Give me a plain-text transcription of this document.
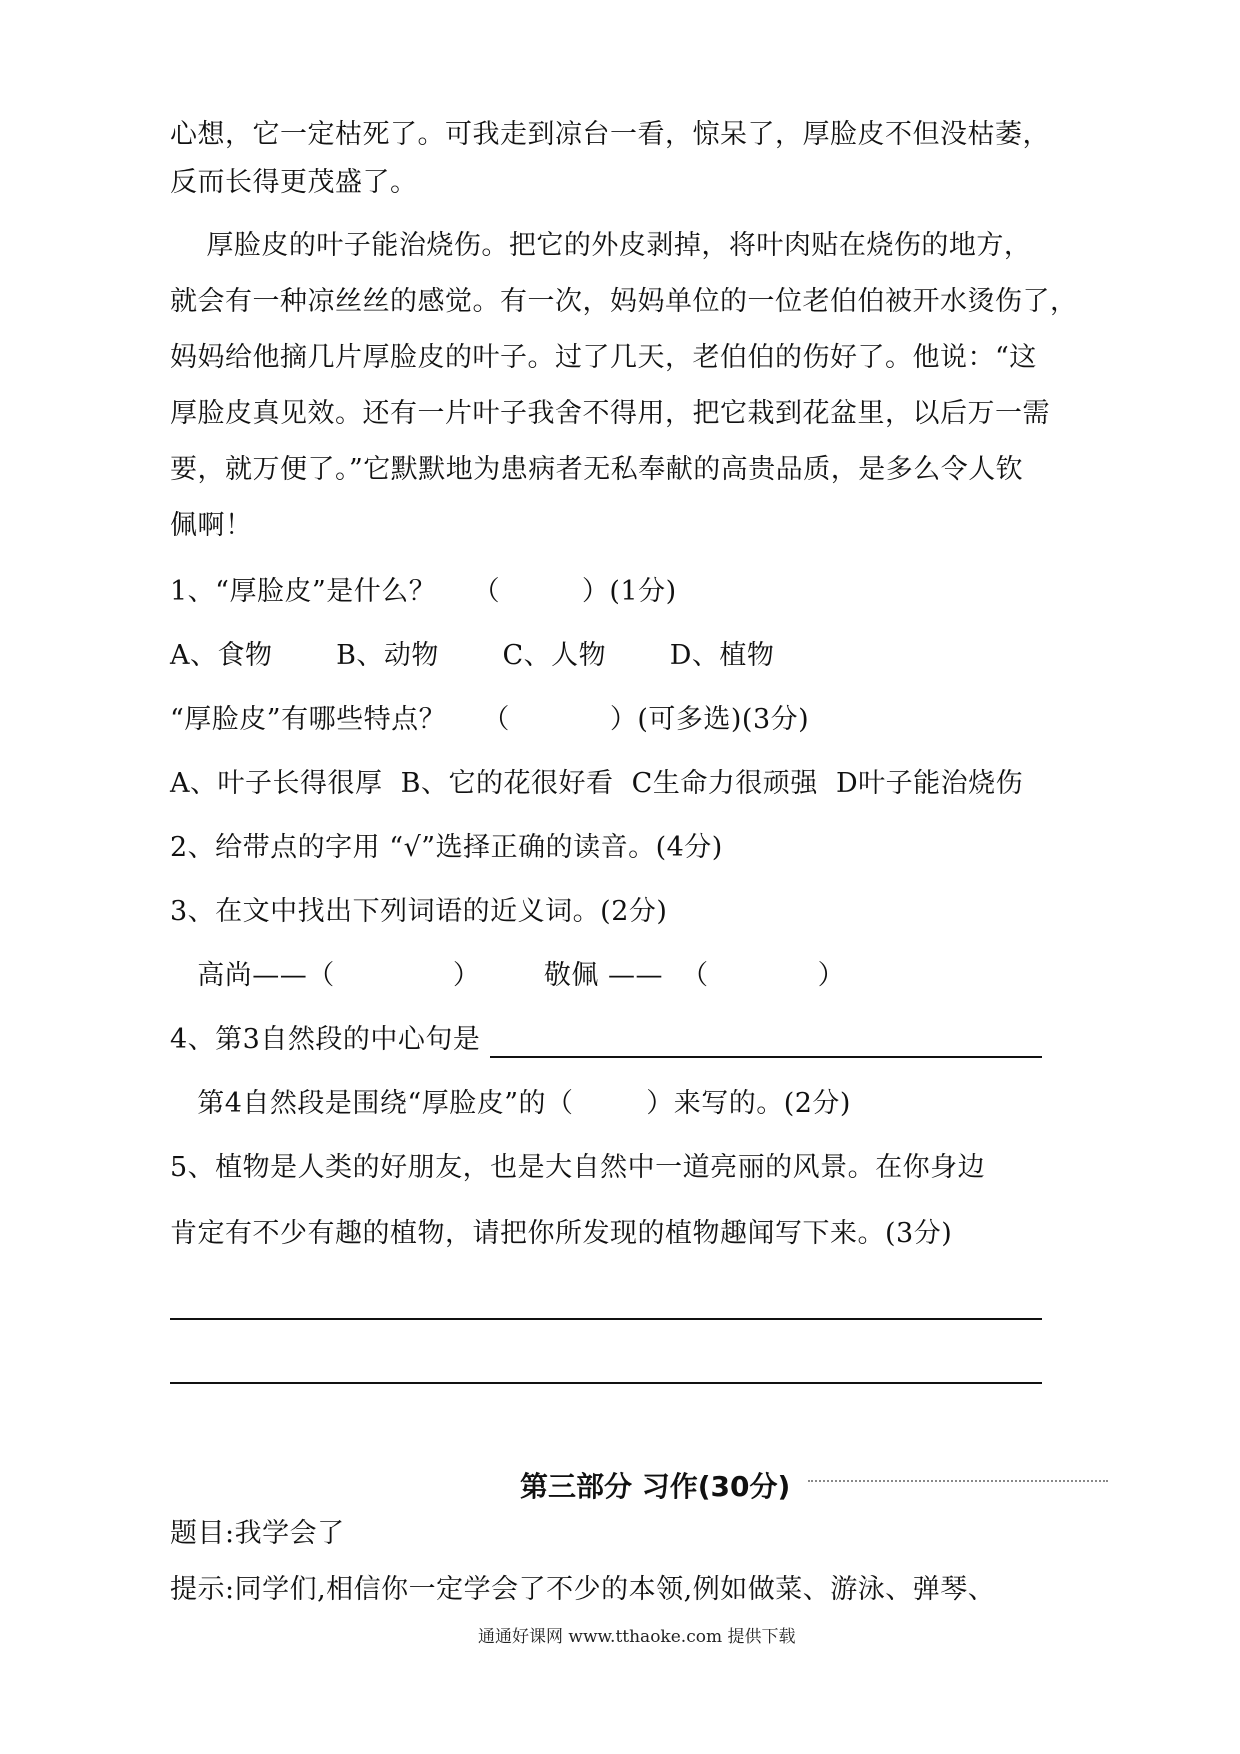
心想，它一定枯死了。可我走到凉台一看，惊呆了，厚脸皮不但没枯萎，
反而长得更茂盛了。
厚脸皮的叶子能治烧伤。把它的外皮剥掉，将叶肉贴在烧伤的地方，
就会有一种凉丝丝的感觉。有一次，妈妈单位的一位老伯伯被开水烫伤了，
妈妈给他摘几片厚脸皮的叶子。过了几天，老伯伯的伤好了。他说：“这
厚脸皮真见效。还有一片叶子我舍不得用，把它栽到花盆里，以后万一需
要，就万便了。”它默默地为患病者无私奉献的高贵品质，是多么令人钦
佩啊！
1、“厚脸皮”是什么？    （         ）(1分)
A、食物       B、动物       C、人物       D、植物
“厚脸皮”有哪些特点？    （           ）(可多选)(3分)
A、叶子长得很厚  B、它的花很好看  C生命力很顽强  D叶子能治烧伤
2、给带点的字用 “√”选择正确的读音。(4分)
3、在文中找出下列词语的近义词。(2分)
高尚——（             ）       敬佩 ——  （            ）
4、第3自然段的中心句是
第4自然段是围绕“厚脸皮”的（        ）来写的。(2分)
5、植物是人类的好朋友，也是大自然中一道亮丽的风景。在你身边
肯定有不少有趣的植物，请把你所发现的植物趣闻写下来。(3分)
第三部分 习作(30分)
题目:我学会了
提示:同学们,相信你一定学会了不少的本领,例如做菜、游泳、弹琴、
通通好课网 www.tthaoke.com 提供下载
